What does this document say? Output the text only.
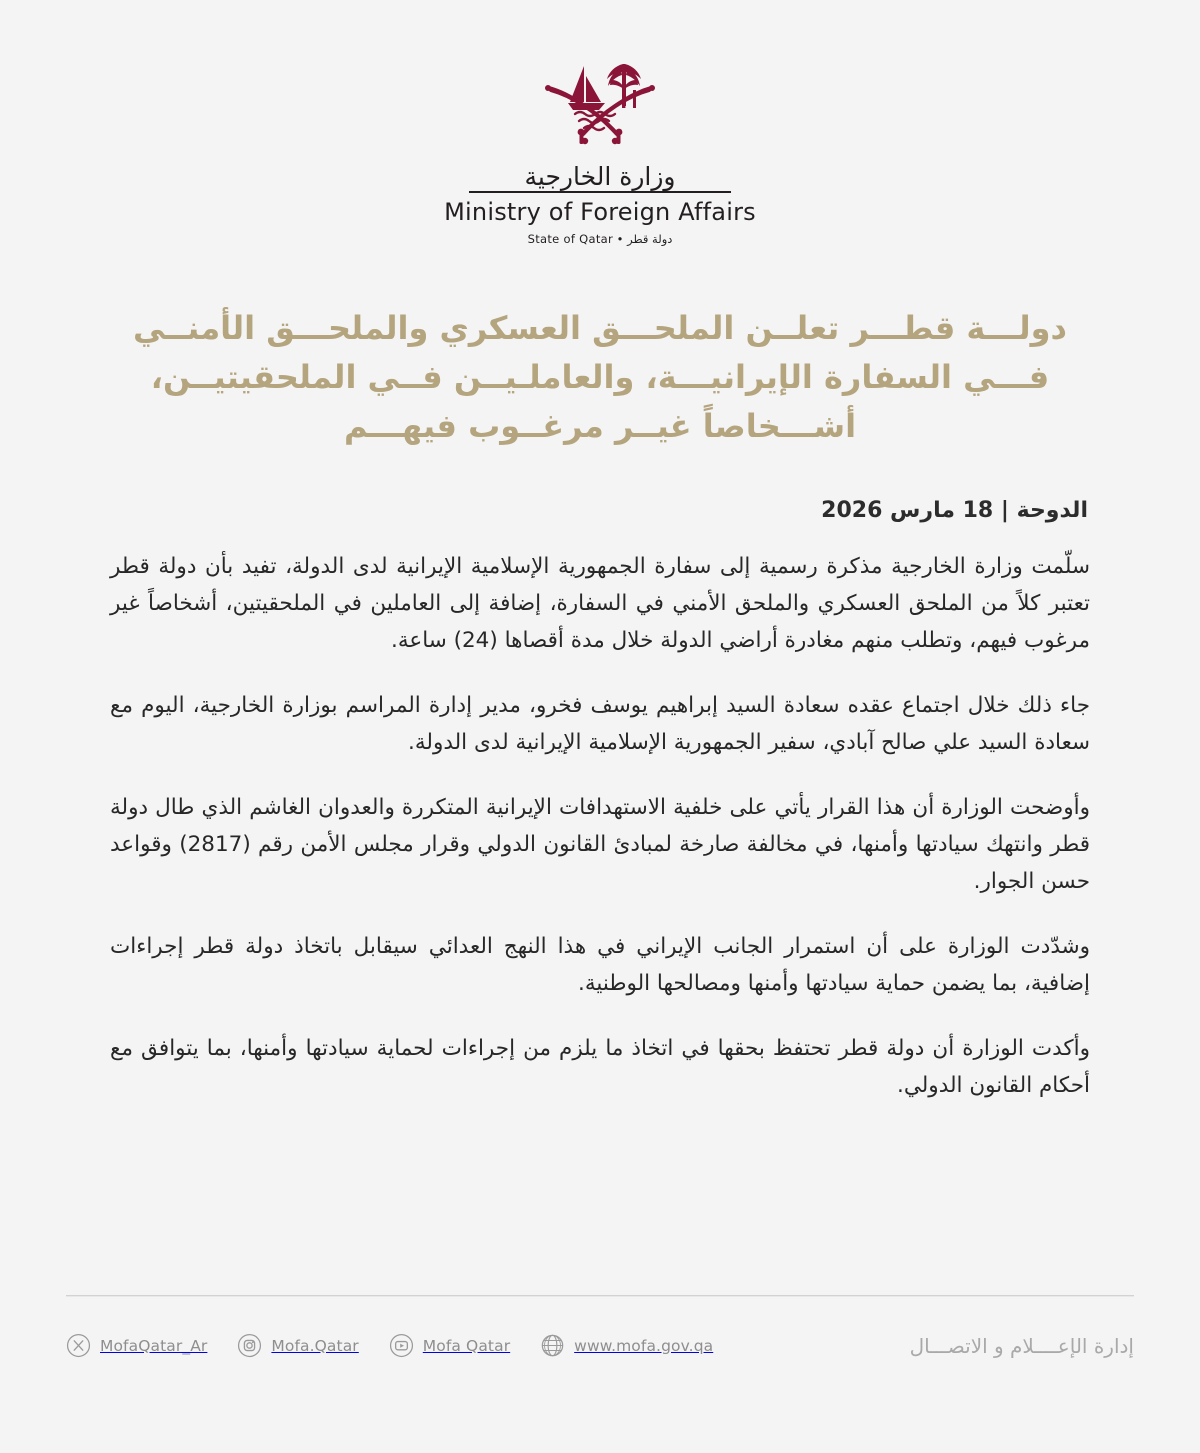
وزارة الخارجية
Ministry of Foreign Affairs
دولة قطر • State of Qatar
دولـــة قطـــر تعلــن الملحـــق العسكري والملحـــق الأمنــي فـــي السفارة الإيرانيـــة، والعاملـيــن فــي الملحقيتيــن، أشـــخاصاً غيــر مرغــوب فيهـــم
الدوحة | 18 مارس 2026

سلّمت وزارة الخارجية مذكرة رسمية إلى سفارة الجمهورية الإسلامية الإيرانية لدى الدولة، تفيد بأن دولة قطر تعتبر كلاً من الملحق العسكري والملحق الأمني في السفارة، إضافة إلى العاملين في الملحقيتين، أشخاصاً غير مرغوب فيهم، وتطلب منهم مغادرة أراضي الدولة خلال مدة أقصاها (24) ساعة.

جاء ذلك خلال اجتماع عقده سعادة السيد إبراهيم يوسف فخرو، مدير إدارة المراسم بوزارة الخارجية، اليوم مع سعادة السيد علي صالح آبادي، سفير الجمهورية الإسلامية الإيرانية لدى الدولة.

وأوضحت الوزارة أن هذا القرار يأتي على خلفية الاستهدافات الإيرانية المتكررة والعدوان الغاشم الذي طال دولة قطر وانتهك سيادتها وأمنها، في مخالفة صارخة لمبادئ القانون الدولي وقرار مجلس الأمن رقم (2817) وقواعد حسن الجوار.

وشدّدت الوزارة على أن استمرار الجانب الإيراني في هذا النهج العدائي سيقابل باتخاذ دولة قطر إجراءات إضافية، بما يضمن حماية سيادتها وأمنها ومصالحها الوطنية.

وأكدت الوزارة أن دولة قطر تحتفظ بحقها في اتخاذ ما يلزم من إجراءات لحماية سيادتها وأمنها، بما يتوافق مع أحكام القانون الدولي.

MofaQatar_Ar	Mofa.Qatar	Mofa Qatar	www.mofa.gov.qa	إدارة الإعــــلام و الاتصـــال
